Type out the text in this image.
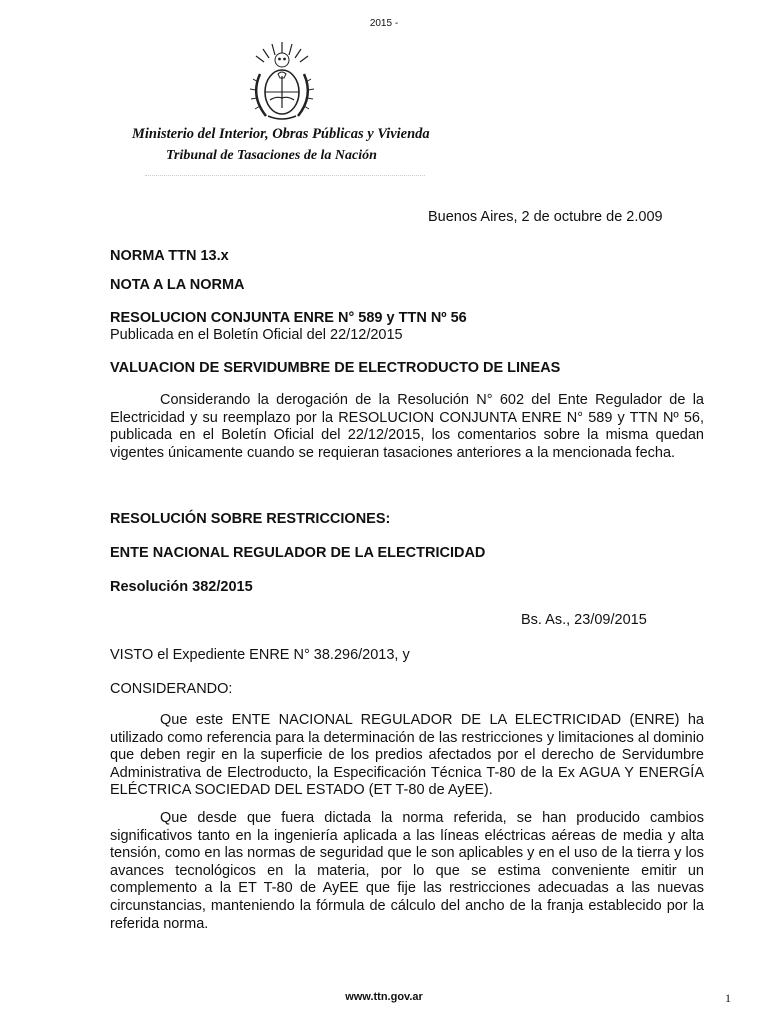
2015 -
Ministerio del Interior, Obras Públicas y Vivienda
Tribunal de Tasaciones de la Nación
Buenos Aires, 2 de octubre de 2.009
NORMA TTN 13.x
NOTA A LA NORMA
RESOLUCION CONJUNTA ENRE N° 589 y TTN Nº 56
Publicada en el Boletín Oficial del 22/12/2015
VALUACION DE SERVIDUMBRE DE ELECTRODUCTO DE LINEAS
Considerando la derogación de la Resolución N° 602 del Ente Regulador de la Electricidad y su reemplazo por la RESOLUCION CONJUNTA ENRE N° 589 y TTN Nº 56, publicada en el Boletín Oficial del 22/12/2015, los comentarios sobre la misma quedan vigentes únicamente cuando se requieran tasaciones anteriores a la mencionada fecha.
RESOLUCIÓN SOBRE RESTRICCIONES:
ENTE NACIONAL REGULADOR DE LA ELECTRICIDAD
Resolución 382/2015
Bs. As., 23/09/2015
VISTO el Expediente ENRE N° 38.296/2013, y
CONSIDERANDO:
Que este ENTE NACIONAL REGULADOR DE LA ELECTRICIDAD (ENRE) ha utilizado como referencia para la determinación de las restricciones y limitaciones al dominio que deben regir en la superficie de los predios afectados por el derecho de Servidumbre Administrativa de Electroducto, la Especificación Técnica T-80 de la Ex AGUA Y ENERGÍA ELÉCTRICA SOCIEDAD DEL ESTADO (ET T-80 de AyEE).
Que desde que fuera dictada la norma referida, se han producido cambios significativos tanto en la ingeniería aplicada a las líneas eléctricas aéreas de media y alta tensión, como en las normas de seguridad que le son aplicables y en el uso de la tierra y los avances tecnológicos en la materia, por lo que se estima conveniente emitir un complemento a la ET T-80 de AyEE que fije las restricciones adecuadas a las nuevas circunstancias, manteniendo la fórmula de cálculo del ancho de la franja establecido por la referida norma.
www.ttn.gov.ar	1
